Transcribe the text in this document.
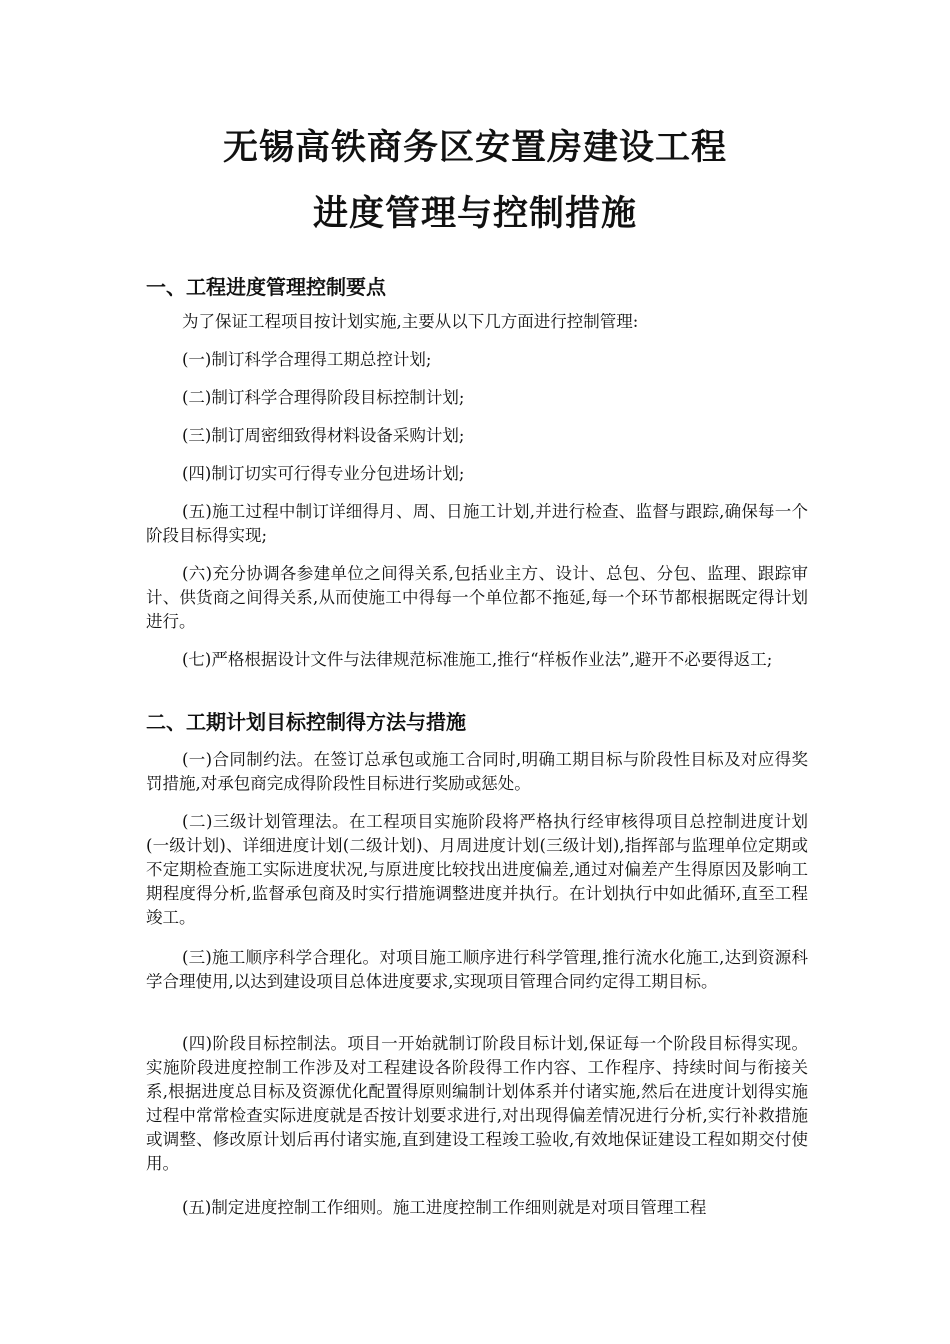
无锡高铁商务区安置房建设工程
进度管理与控制措施
一、工程进度管理控制要点

为了保证工程项目按计划实施,主要从以下几方面进行控制管理:

(一)制订科学合理得工期总控计划;

(二)制订科学合理得阶段目标控制计划;

(三)制订周密细致得材料设备采购计划;

(四)制订切实可行得专业分包进场计划;

(五)施工过程中制订详细得月、周、日施工计划,并进行检查、监督与跟踪,确保每一个阶段目标得实现;

(六)充分协调各参建单位之间得关系,包括业主方、设计、总包、分包、监理、跟踪审计、供货商之间得关系,从而使施工中得每一个单位都不拖延,每一个环节都根据既定得计划进行。

(七)严格根据设计文件与法律规范标准施工,推行“样板作业法”,避开不必要得返工;

二、工期计划目标控制得方法与措施

(一)合同制约法。在签订总承包或施工合同时,明确工期目标与阶段性目标及对应得奖罚措施,对承包商完成得阶段性目标进行奖励或惩处。

(二)三级计划管理法。在工程项目实施阶段将严格执行经审核得项目总控制进度计划(一级计划)、详细进度计划(二级计划)、月周进度计划(三级计划),指挥部与监理单位定期或不定期检查施工实际进度状况,与原进度比较找出进度偏差,通过对偏差产生得原因及影响工期程度得分析,监督承包商及时实行措施调整进度并执行。在计划执行中如此循环,直至工程竣工。

(三)施工顺序科学合理化。对项目施工顺序进行科学管理,推行流水化施工,达到资源科学合理使用,以达到建设项目总体进度要求,实现项目管理合同约定得工期目标。

(四)阶段目标控制法。项目一开始就制订阶段目标计划,保证每一个阶段目标得实现。实施阶段进度控制工作涉及对工程建设各阶段得工作内容、工作程序、持续时间与衔接关系,根据进度总目标及资源优化配置得原则编制计划体系并付诸实施,然后在进度计划得实施过程中常常检查实际进度就是否按计划要求进行,对出现得偏差情况进行分析,实行补救措施或调整、修改原计划后再付诸实施,直到建设工程竣工验收,有效地保证建设工程如期交付使用。

(五)制定进度控制工作细则。施工进度控制工作细则就是对项目管理工程
